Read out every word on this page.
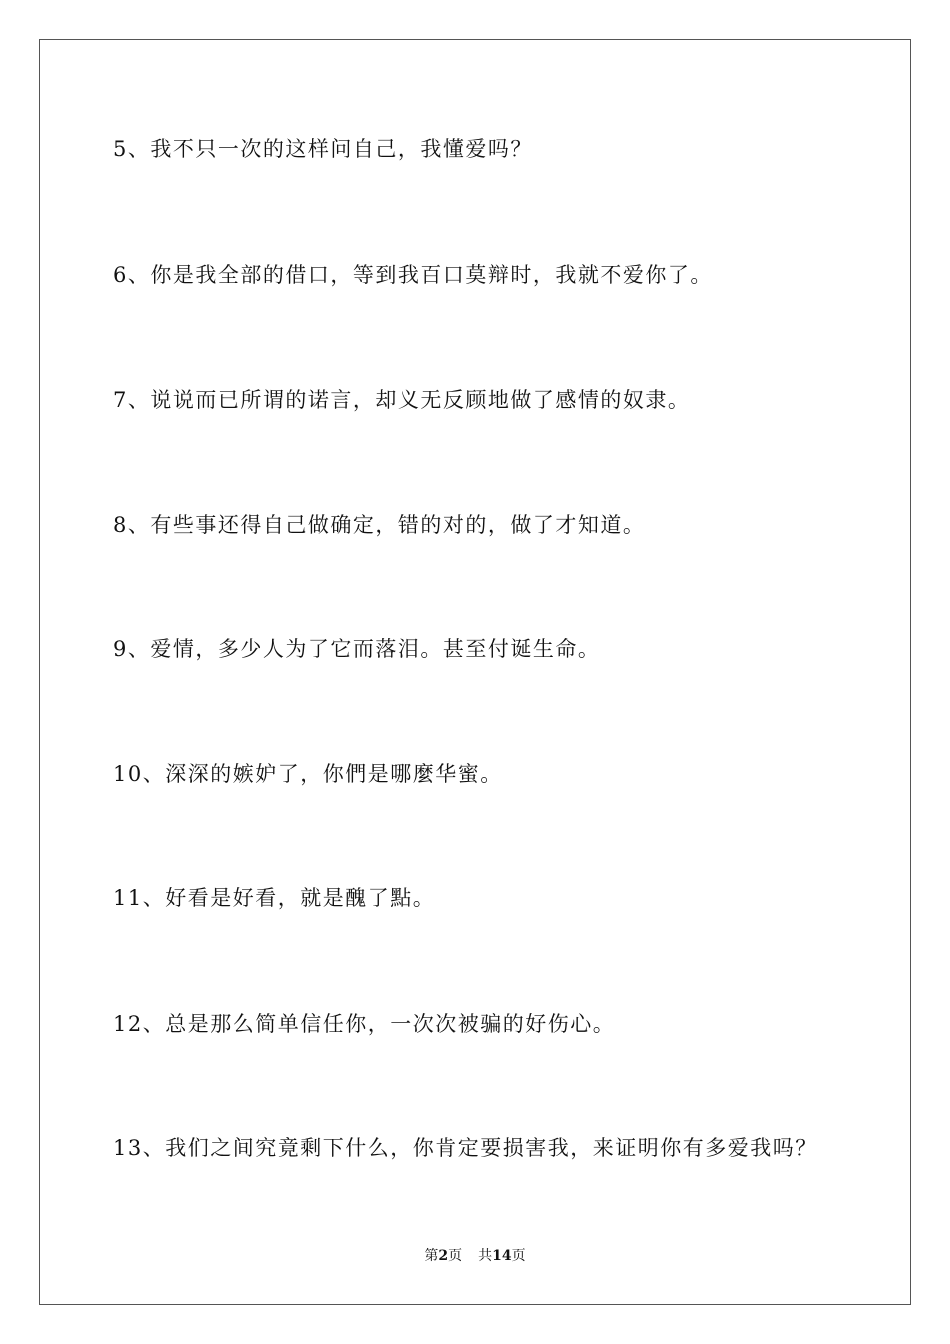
5、我不只一次的这样问自己，我懂爱吗？
6、你是我全部的借口，等到我百口莫辩时，我就不爱你了。
7、说说而已所谓的诺言，却义无反顾地做了感情的奴隶。
8、有些事还得自己做确定，错的对的，做了才知道。
9、爱情，多少人为了它而落泪。甚至付诞生命。
10、深深的嫉妒了，你們是哪麼华蜜。
11、好看是好看，就是醜了點。
12、总是那么简单信任你，一次次被骗的好伤心。
13、我们之间究竟剩下什么，你肯定要损害我，来证明你有多爱我吗？
第2页 共14页
